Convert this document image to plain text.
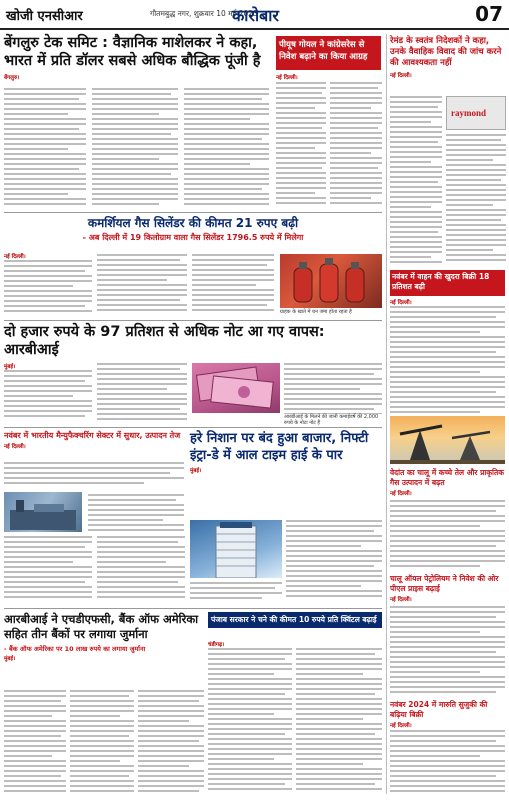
खोजी एनसीआर	गौतमबुद्ध नगर, शुक्रवार 10 मई 2023
कारोबार	07
बेंगलुरु टेक समिट : वैज्ञानिक माशेलकर ने कहा, भारत में प्रति डॉलर सबसे अधिक बौद्धिक पूंजी है
बेंगलुरु।
पीयूष गोयल ने कांग्रेसरेस से निवेश बढ़ाने का किया आग्रह
नई दिल्ली।
रेमंड के स्वतंत्र निदेशकों ने कहा, उनके वैवाहिक विवाद की जांच करने की आवश्यकता नहीं
नई दिल्ली।
raymond
कमर्शियल गैस सिलेंडर की कीमत 21 रुपए बढ़ी
- अब दिल्ली में 19 किलोग्राम वाला गैस सिलेंडर 1796.5 रुपये में मिलेगा
नई दिल्ली।
ग्राहक के खाते में धन जमा होता रहता है
दो हजार रुपये के 97 प्रतिशत से अधिक नोट आ गए वापस: आरबीआई
मुंबई।
आरबीआई के मिलने की जानी कमाईवर्षे की 2,000 रुपये के नोटा नोट हैं
नवंबर में वाहन की खुदरा बिक्री 18 प्रतिशत बढ़ी
नई दिल्ली।
वेदांत का चालू में कच्चे तेल और प्राकृतिक गैस उत्पादन में बढ़त
नई दिल्ली।
नवंबर में भारतीय मैन्युफैक्चरिंग सेक्टर में सुधार, उत्पादन तेज
नई दिल्ली।
हरे निशान पर बंद हुआ बाजार, निफ्टी इंट्रा-डे में आल टाइम हाई के पार
मुंबई।
चालू ऑयल पेट्रोलियम ने निवेश की ओर पीएल प्राइस बढ़ाई
नई दिल्ली।
नवंबर 2024 में मारुति सुजुकी की बढ़िया बिक्री
नई दिल्ली।
आरबीआई ने एचडीएफसी, बैंक ऑफ अमेरिका सहित तीन बैंकों पर लगाया जुर्माना
- बैंक ऑफ अमेरिका पर 10 लाख रुपये का लगाया जुर्माना
मुंबई।
पंजाब सरकार ने चने की कीमत 10 रुपये प्रति क्विंटल बढ़ाई
चंडीगढ़।
